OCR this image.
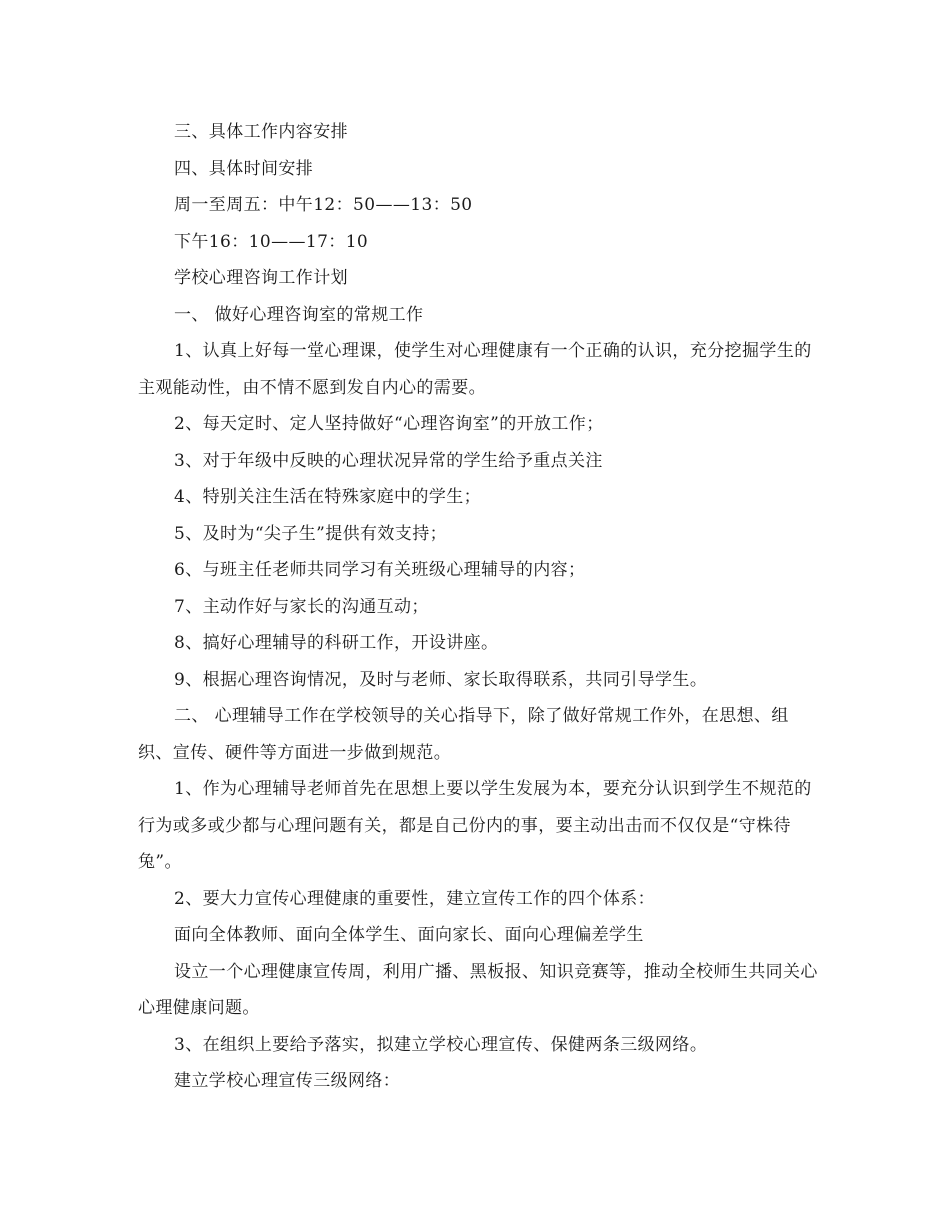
三、具体工作内容安排

四、具体时间安排

周一至周五：中午12：50——13：50

下午16：10——17：10

学校心理咨询工作计划

一、 做好心理咨询室的常规工作

1、认真上好每一堂心理课，使学生对心理健康有一个正确的认识，充分挖掘学生的主观能动性，由不情不愿到发自内心的需要。

2、每天定时、定人坚持做好“心理咨询室”的开放工作；

3、对于年级中反映的心理状况异常的学生给予重点关注

4、特别关注生活在特殊家庭中的学生；

5、及时为“尖子生”提供有效支持；

6、与班主任老师共同学习有关班级心理辅导的内容；

7、主动作好与家长的沟通互动；

8、搞好心理辅导的科研工作，开设讲座。

9、根据心理咨询情况，及时与老师、家长取得联系，共同引导学生。

二、 心理辅导工作在学校领导的关心指导下，除了做好常规工作外，在思想、组织、宣传、硬件等方面进一步做到规范。

1、作为心理辅导老师首先在思想上要以学生发展为本，要充分认识到学生不规范的行为或多或少都与心理问题有关，都是自己份内的事，要主动出击而不仅仅是“守株待兔”。

2、要大力宣传心理健康的重要性，建立宣传工作的四个体系：

面向全体教师、面向全体学生、面向家长、面向心理偏差学生

设立一个心理健康宣传周，利用广播、黑板报、知识竞赛等，推动全校师生共同关心心理健康问题。

3、在组织上要给予落实，拟建立学校心理宣传、保健两条三级网络。

建立学校心理宣传三级网络：
